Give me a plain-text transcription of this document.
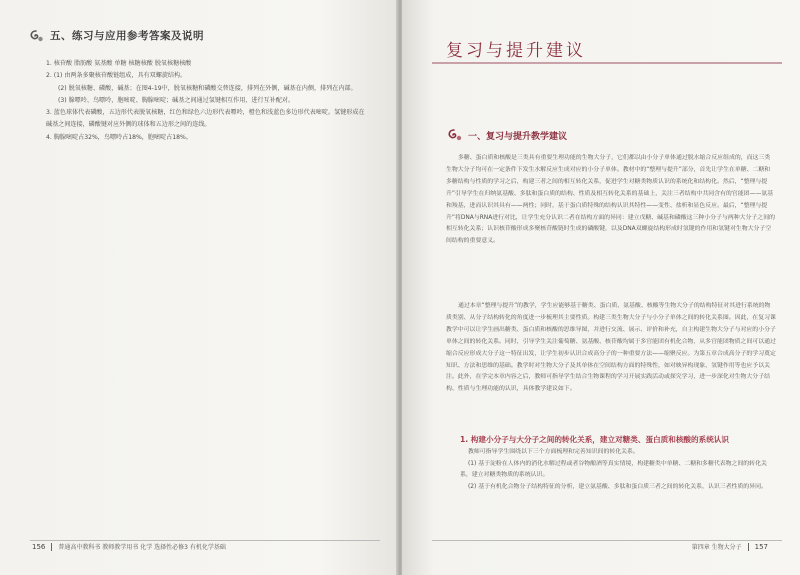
五、练习与应用参考答案及说明

1. 核苷酸 脂肪酸 氨基酸 单糖 核糖核酸 脱氧核糖核酸

2. (1) 由两条多聚核苷酸链组成，具有双螺旋结构。

(2) 脱氧核糖、磷酸，碱基；在图4-19中，脱氧核糖和磷酸交替连接，排列在外侧，碱基在内侧，排列在内部。

(3) 腺嘌呤、鸟嘌呤，胞嘧啶、胸腺嘧啶；碱基之间通过氢键相互作用，进行互补配对。

3. 蓝色球体代表磷酸，五边形代表脱氧核糖，红色和绿色六边形代表嘌呤，橙色和浅蓝色多边形代表嘧啶。氢键形成在碱基之间连接，磷酸键对应外侧的球体和五边形之间的连线。

4. 胸腺嘧啶占32%，鸟嘌呤占18%，胞嘧啶占18%。

156 普通高中教科书 教师教学用书 化学 选择性必修3 有机化学基础
复习与提升建议
一、复习与提升教学建议

多糖、蛋白质和核酸是三类具有重要生理功能的生物大分子，它们都以由小分子单体通过脱水缩合反应组成的，而这三类生物大分子均可在一定条件下发生水解反应生成对应的小分子单体。教材中的“整理与提升”部分，首先让学生在单糖、二糖和多糖结构与性质的学习之后，构建三者之间的相互转化关系，促进学生对糖类物质认识的系统化和结构化。然后，“整理与提升”引导学生在归纳氨基酸、多肽和蛋白质的结构、性质及相互转化关系的基础上，关注三者结构中共同含有的官能团——氨基和羧基，进而认识其具有——两性；同时，基于蛋白质特殊的结构认识其特性——变性、盐析和显色反应。最后，“整理与提升”将DNA与RNA进行对比，让学生充分认识二者在结构方面的异同：建立戊糖、碱基和磷酸这三种小分子与两种大分子之间的相互转化关系；认识核苷酸形成多聚核苷酸链时生成的磷酸键，以及DNA双螺旋结构形成时氢键的作用和氢键对生物大分子空间结构的重要意义。

通过本章“整理与提升”的教学，学生应能够基于糖类、蛋白质、氨基酸、核酸等生物大分子的结构特征对其进行系统的物质类别、从分子结构转化的角度进一步梳理其主要性质。构建三类生物大分子与小分子单体之间的转化关系图。因此，在复习课教学中可以让学生画出糖类、蛋白质和核酸的思维导图，并进行交流、展示、评价和补充，自主构建生物大分子与对应的小分子单体之间的转化关系。同时，引导学生关注葡萄糖、氨基酸、核苷酸均属于多官能团有机化合物，从多官能团物质之间可以通过缩合反应形成大分子这一特征出发，让学生初步认识合成高分子的一种重要方法——缩聚反应。为第五章合成高分子的学习奠定知识、方法和思维的基础。教学时对生物大分子及其单体在空间结构方面的特殊性，如对映异构现象、氢键作用等也应予以关注。此外，在学完本章内容之后，教师可指导学生结合生物课程的学习开展实践活动或探究学习，进一步深化对生物大分子结构、性质与生理功能的认识，具体教学建议如下。

1. 构建小分子与大分子之间的转化关系，建立对糖类、蛋白质和核酸的系统认识

教师可指导学生围绕以下三个方面梳理和完善知识间的转化关系。

(1) 基于淀粉在人体内的消化水解过程或者谷物酿酒等真实情境，构建糖类中单糖、二糖和多糖代表物之间的转化关系，建立对糖类物质的系统认识。

(2) 基于有机化合物分子结构特征的分析，建立氨基酸、多肽和蛋白质三者之间的转化关系，认识三者性质的异同。

第四章 生物大分子 157
